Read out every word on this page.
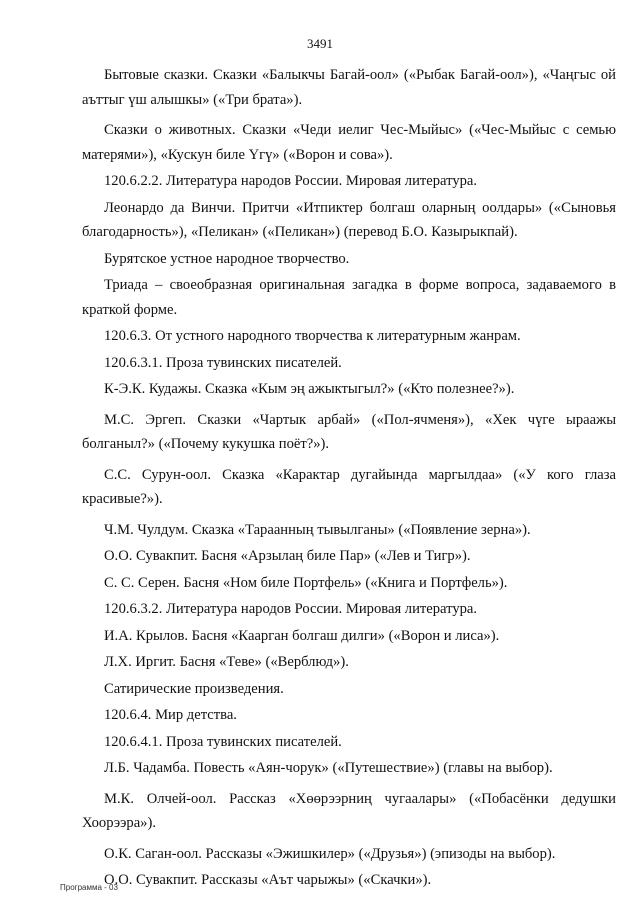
3491

Бытовые сказки. Сказки «Балыкчы Багай-оол» («Рыбак Багай-оол»), «Чаңгыс ой аъттыг үш алышкы» («Три брата»).

Сказки о животных. Сказки «Чеди иелиг Чес-Мыйыс» («Чес-Мыйыс с семью матерями»), «Кускун биле Үгү» («Ворон и сова»).

120.6.2.2. Литература народов России. Мировая литература.

Леонардо да Винчи. Притчи «Итпиктер болгаш оларның оолдары» («Сыновья благодарность»), «Пеликан» («Пеликан») (перевод Б.О. Казырыкпай).

Бурятское устное народное творчество.

Триада – своеобразная оригинальная загадка в форме вопроса, задаваемого в краткой форме.

120.6.3. От устного народного творчества к литературным жанрам.

120.6.3.1. Проза тувинских писателей.

К-Э.К. Кудажы. Сказка «Кым эң ажыктыгыл?» («Кто полезнее?»).

М.С. Эргеп. Сказки «Чартык арбай» («Пол-ячменя»), «Хек чүге ыраажы болганыл?» («Почему кукушка поёт?»).

С.С. Сурун-оол. Сказка «Карактар дугайында маргылдаа» («У кого глаза красивые?»).

Ч.М. Чулдум. Сказка «Тараанның тывылганы» («Появление зерна»).

О.О. Сувакпит. Басня «Арзылаң биле Пар» («Лев и Тигр»).

С. С. Серен. Басня «Ном биле Портфель» («Книга и Портфель»).

120.6.3.2. Литература народов России. Мировая литература.

И.А. Крылов. Басня «Каарган болгаш дилги» («Ворон и лиса»).

Л.Х. Иргит. Басня «Теве» («Верблюд»).

Сатирические произведения.

120.6.4. Мир детства.

120.6.4.1. Проза тувинских писателей.

Л.Б. Чадамба. Повесть «Аян-чорук» («Путешествие») (главы на выбор).

М.К. Олчей-оол. Рассказ «Хөөрээрниң чугаалары» («Побасёнки дедушки Хоорээра»).

О.К. Саган-оол. Рассказы «Эжишкилер» («Друзья») (эпизоды на выбор).

О.О. Сувакпит. Рассказы «Аът чарыжы» («Скачки»).

Программа - 03
